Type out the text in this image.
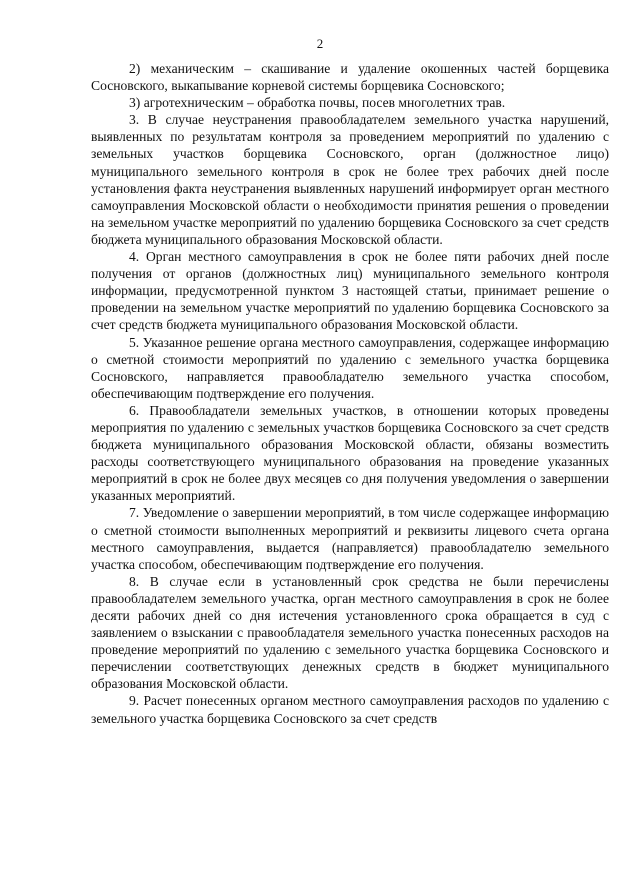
2

2) механическим – скашивание и удаление окошенных частей борщевика Сосновского, выкапывание корневой системы борщевика Сосновского;

3) агротехническим – обработка почвы, посев многолетних трав.

3. В случае неустранения правообладателем земельного участка нарушений, выявленных по результатам контроля за проведением мероприятий по удалению с земельных участков борщевика Сосновского, орган (должностное лицо) муниципального земельного контроля в срок не более трех рабочих дней после установления факта неустранения выявленных нарушений информирует орган местного самоуправления Московской области о необходимости принятия решения о проведении на земельном участке мероприятий по удалению борщевика Сосновского за счет средств бюджета муниципального образования Московской области.

4. Орган местного самоуправления в срок не более пяти рабочих дней после получения от органов (должностных лиц) муниципального земельного контроля информации, предусмотренной пунктом 3 настоящей статьи, принимает решение о проведении на земельном участке мероприятий по удалению борщевика Сосновского за счет средств бюджета муниципального образования Московской области.

5. Указанное решение органа местного самоуправления, содержащее информацию о сметной стоимости мероприятий по удалению с земельного участка борщевика Сосновского, направляется правообладателю земельного участка способом, обеспечивающим подтверждение его получения.

6. Правообладатели земельных участков, в отношении которых проведены мероприятия по удалению с земельных участков борщевика Сосновского за счет средств бюджета муниципального образования Московской области, обязаны возместить расходы соответствующего муниципального образования на проведение указанных мероприятий в срок не более двух месяцев со дня получения уведомления о завершении указанных мероприятий.

7. Уведомление о завершении мероприятий, в том числе содержащее информацию о сметной стоимости выполненных мероприятий и реквизиты лицевого счета органа местного самоуправления, выдается (направляется) правообладателю земельного участка способом, обеспечивающим подтверждение его получения.

8. В случае если в установленный срок средства не были перечислены правообладателем земельного участка, орган местного самоуправления в срок не более десяти рабочих дней со дня истечения установленного срока обращается в суд с заявлением о взыскании с правообладателя земельного участка понесенных расходов на проведение мероприятий по удалению с земельного участка борщевика Сосновского и перечислении соответствующих денежных средств в бюджет муниципального образования Московской области.

9. Расчет понесенных органом местного самоуправления расходов по удалению с земельного участка борщевика Сосновского за счет средств
